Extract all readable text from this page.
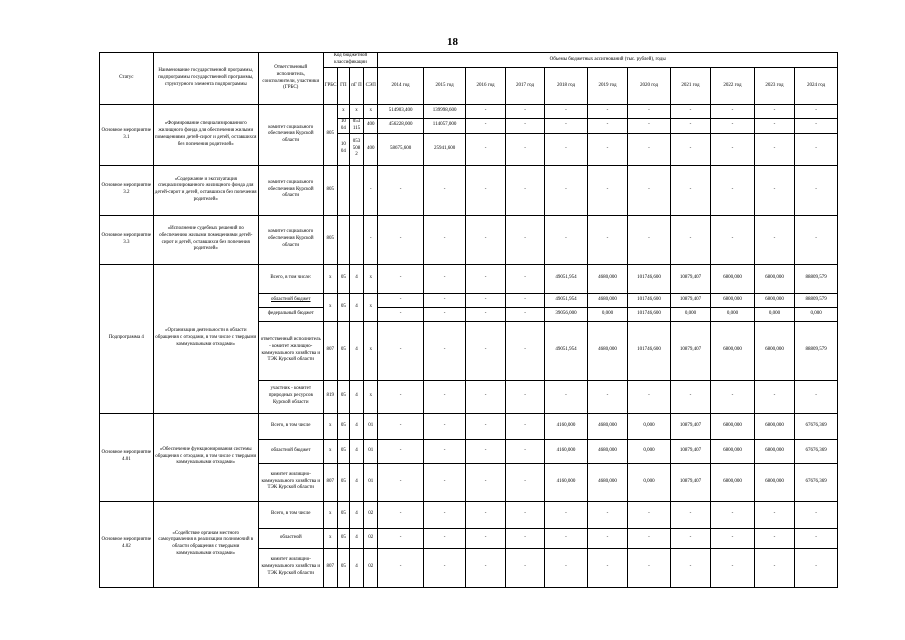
18
Статус	Наименование государственной программы, подпрограммы государственной программы, структурного элемента подпрограммы	Ответственный исполнитель, соисполнители, участники (ГРБС)	Код бюджетной классификации				Объемы бюджетных ассигнований (тыс. рублей), годы										
			ГРБС	ГП	пГ П	СЭП	2014 год	2015 год	2016 год	2017 год	2018 год	2019 год	2020 год	2021 год	2022 год	2023 год	2024 год
Основное мероприятие 3.1	«Формирование специализированного жилищного фонда для обеспечения жилыми помещениями детей-сирот и детей, оставшихся без попечения родителей»	комитет социального обеспечения Курской области	805	x	x	x	514903,400	139998,600	-	-	-	-	-	-	-	-	-
				10 04	053 115	400	456228,000	114057,000	-	-	-	-	-	-	-	-	-
				10 04	053 508 2	400	58675,600	25941,600	-	-	-	-	-	-	-	-	-
Основное мероприятие 3.2	«Содержание и эксплуатация специализированного жилищного фонда для детей-сирот и детей, оставшихся без попечения родителей»	комитет социального обеспечения Курской области	805			-	-	-	-	-	-	-	-	-	-	-	-
Основное мероприятие 3.3	«Исполнение судебных решений по обеспечению жилыми помещениями детей-сирот и детей, оставшихся без попечения родителей»	комитет социального обеспечения Курской области	805			-	-	-	-	-	-	-	-	-	-	-	-
Подпрограмма 4	«Организация деятельности в области обращения с отходами, в том числе с твердыми коммунальными отходами»	Всего, в том числе:	x	05	4	x	-	-	-	-	49051,954	4680,000	101746,600	10879,407	6800,000	6800,000	88809,579
		областной бюджет	x	05	4	x	-	-	-	-	49051,954	4680,000	101746,600	10879,407	6800,000	6800,000	88809,579
		федеральный бюджет					-	-	-	-	39056,000	0,000	101746,600	0,000	0,000	0,000	0,000
		ответственный исполнитель - комитет жилищно-коммунального хозяйства и ТЭК Курской области	807	05	4	x	-	-	-	-	49051,954	4680,000	101746,600	10879,407	6800,000	6800,000	88809,579
		участник - комитет природных ресурсов Курской области	819	05	4	x	-	-	-	-	-	-	-	-	-	-	-
Основное мероприятие 4.01	«Обеспечение функционирования системы обращения с отходами, в том числе с твердыми коммунальными отходами»	Всего, в том числе	x	05	4	01	-	-	-	-	4160,000	4680,000	0,000	10879,407	6800,000	6800,000	67676,369
		областной бюджет	x	05	4	01	-	-	-	-	4160,000	4680,000	0,000	10879,407	6800,000	6800,000	67676,369
		комитет жилищно-коммунального хозяйства и ТЭК Курской области	807	05	4	01	-	-	-	-	4160,000	4680,000	0,000	10879,407	6800,000	6800,000	67676,369
Основное мероприятие 4.02	«Содействие органам местного самоуправления в реализации полномочий в области обращения с твердыми коммунальными отходами»	Всего, в том числе	x	05	4	02	-	-	-	-	-	-	-	-	-	-	-
		областной	x	05	4	02	-	-	-	-	-	-	-	-	-	-	-
		комитет жилищно-коммунального хозяйства и ТЭК Курской области	807	05	4	02	-	-	-	-	-	-	-	-	-	-	-
